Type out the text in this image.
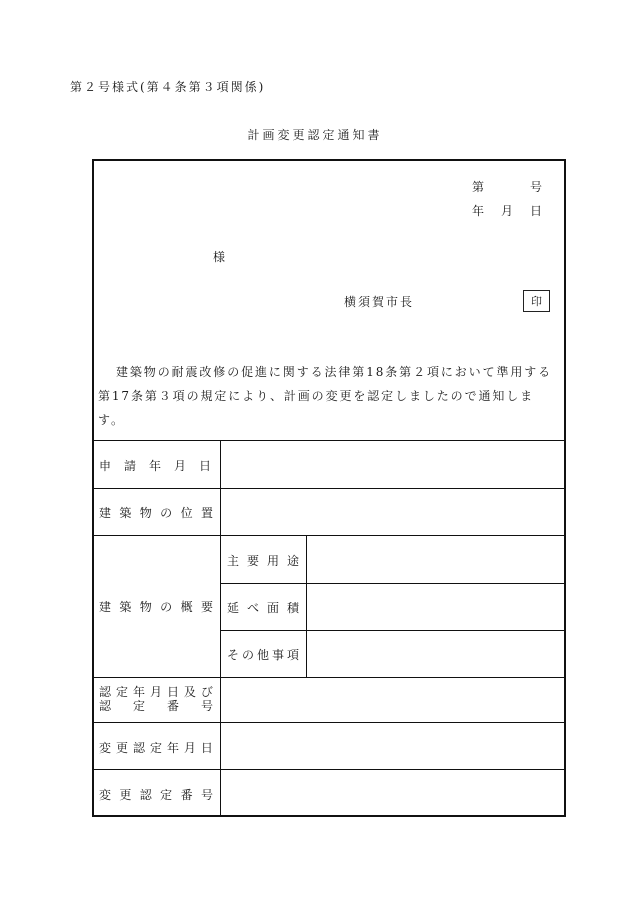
第２号様式(第４条第３項関係)
計画変更認定通知書
第	号
年 月 日
様
横須賀市長	印
建築物の耐震改修の促進に関する法律第18条第２項において準用する第17条第３項の規定により、計画の変更を認定しましたので通知します。
申 請 年 月 日
建 築 物 の 位 置
建 築 物 の 概 要
主 要 用 途
延 べ 面 積
そ の 他 事 項
認 定 年 月 日 及 び
認 定 番 号
変 更 認 定 年 月 日
変 更 認 定 番 号
